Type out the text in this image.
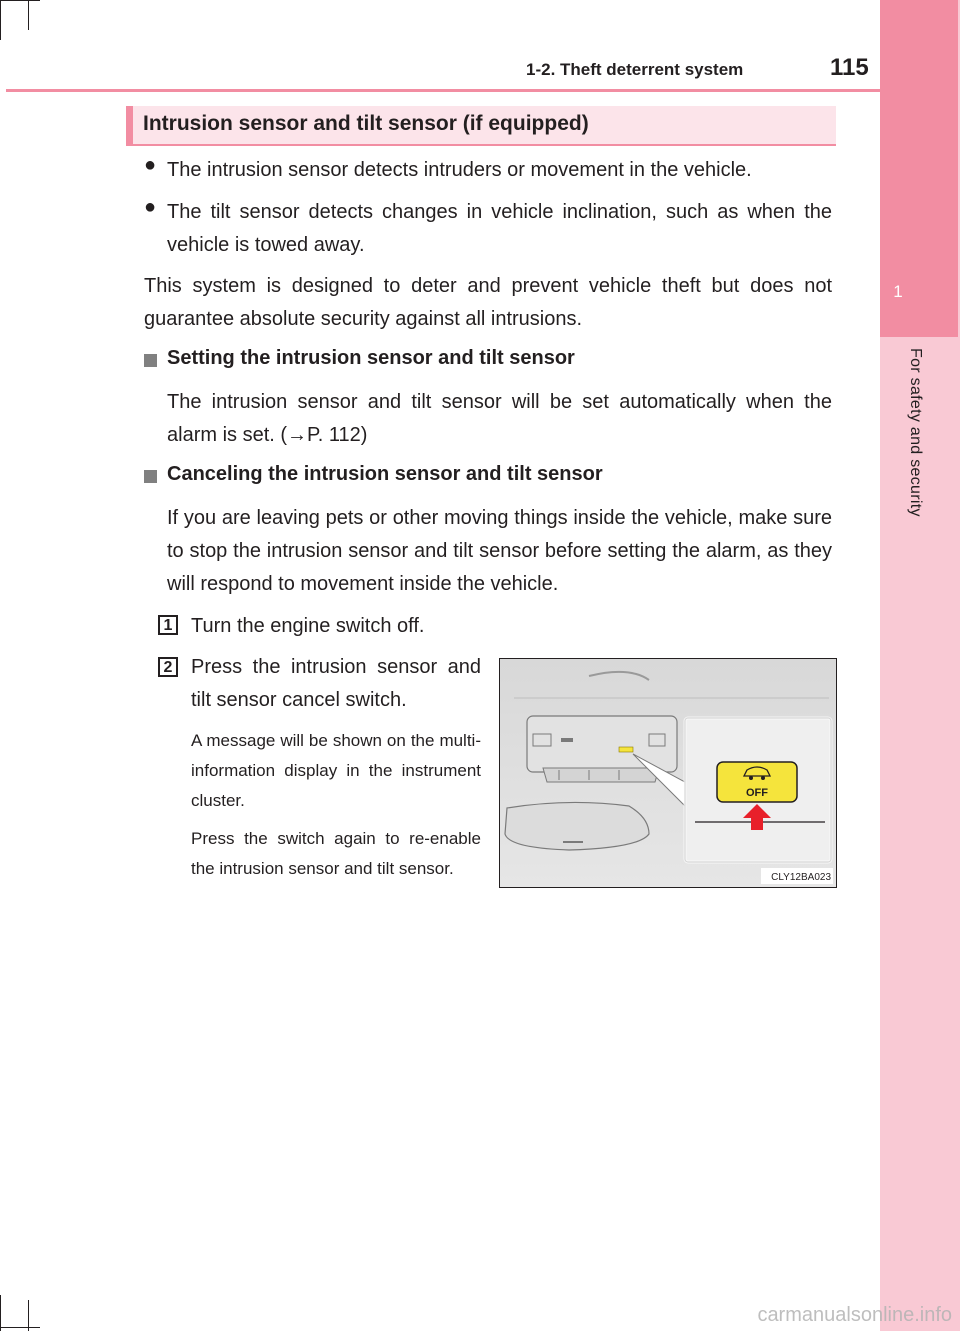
1
For safety and security
1-2. Theft deterrent system	115
Intrusion sensor and tilt sensor (if equipped)
● The intrusion sensor detects intruders or movement in the vehicle.
● The tilt sensor detects changes in vehicle inclination, such as when the vehicle is towed away.
This system is designed to deter and prevent vehicle theft but does not guarantee absolute security against all intrusions.
Setting the intrusion sensor and tilt sensor
The intrusion sensor and tilt sensor will be set automatically when the alarm is set. (→P. 112)
Canceling the intrusion sensor and tilt sensor
If you are leaving pets or other moving things inside the vehicle, make sure to stop the intrusion sensor and tilt sensor before setting the alarm, as they will respond to movement inside the vehicle.
1 Turn the engine switch off.
2 Press the intrusion sensor and tilt sensor cancel switch.
A message will be shown on the multi-information display in the instrument cluster.
Press the switch again to re-enable the intrusion sensor and tilt sensor.
OFF
CLY12BA023
carmanualsonline.info
